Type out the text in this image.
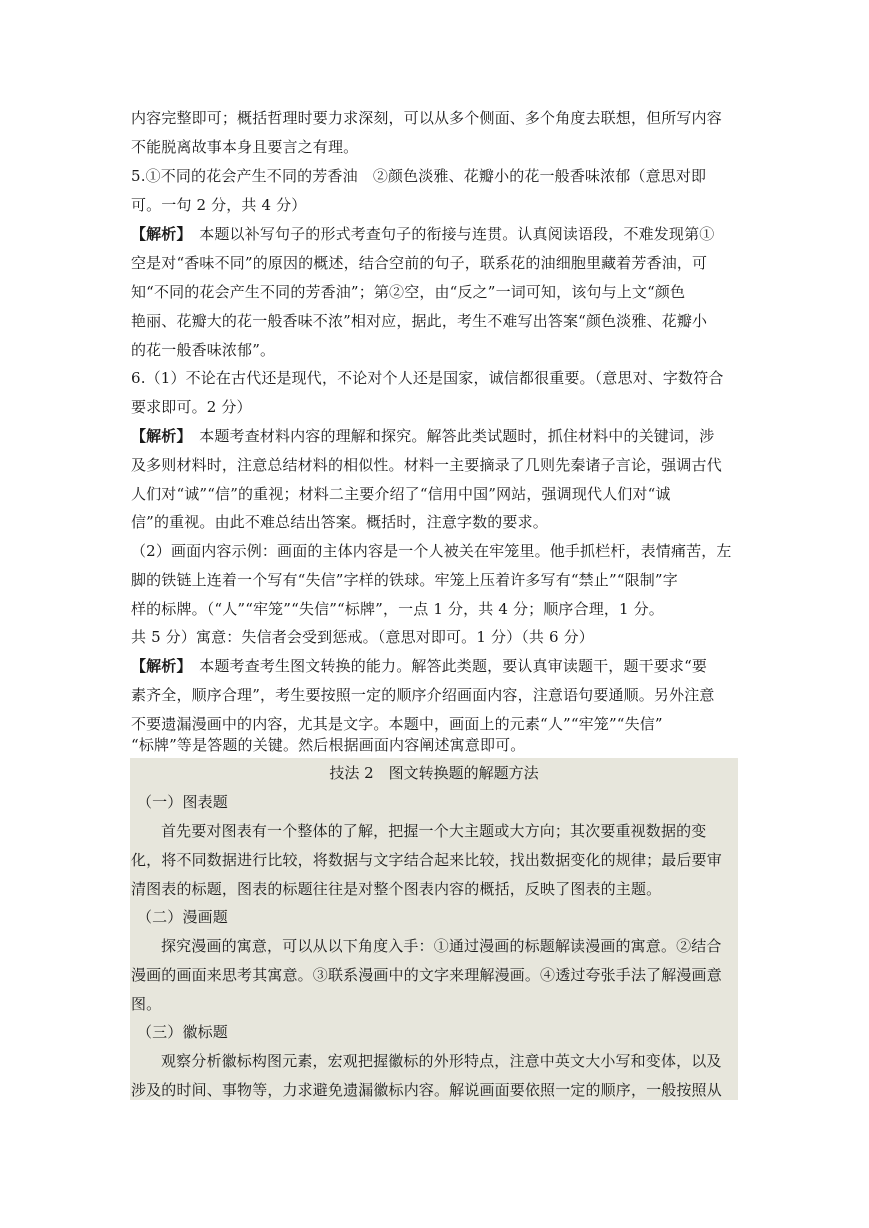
内容完整即可；概括哲理时要力求深刻，可以从多个侧面、多个角度去联想，但所写内容
不能脱离故事本身且要言之有理。
5.①不同的花会产生不同的芳香油　②颜色淡雅、花瓣小的花一般香味浓郁（意思对即
可。一句 2 分，共 4 分）
【解析】　本题以补写句子的形式考查句子的衔接与连贯。认真阅读语段，不难发现第①
空是对“香味不同”的原因的概述，结合空前的句子，联系花的油细胞里藏着芳香油，可
知“不同的花会产生不同的芳香油”；第②空，由“反之”一词可知，该句与上文“颜色
艳丽、花瓣大的花一般香味不浓”相对应，据此，考生不难写出答案“颜色淡雅、花瓣小
的花一般香味浓郁”。
6.（1）不论在古代还是现代，不论对个人还是国家，诚信都很重要。（意思对、字数符合
要求即可。2 分）
【解析】　本题考查材料内容的理解和探究。解答此类试题时，抓住材料中的关键词，涉
及多则材料时，注意总结材料的相似性。材料一主要摘录了几则先秦诸子言论，强调古代
人们对“诚”“信”的重视；材料二主要介绍了“信用中国”网站，强调现代人们对“诚
信”的重视。由此不难总结出答案。概括时，注意字数的要求。
（2）画面内容示例：画面的主体内容是一个人被关在牢笼里。他手抓栏杆，表情痛苦，左
脚的铁链上连着一个写有“失信”字样的铁球。牢笼上压着许多写有“禁止”“限制”字
样的标牌。（“人”“牢笼”“失信”“标牌”，一点 1 分，共 4 分；顺序合理，1 分。
共 5 分）寓意：失信者会受到惩戒。（意思对即可。1 分）（共 6 分）
【解析】　本题考查考生图文转换的能力。解答此类题，要认真审读题干，题干要求“要
素齐全，顺序合理”，考生要按照一定的顺序介绍画面内容，注意语句要通顺。另外注意
不要遗漏漫画中的内容，尤其是文字。本题中，画面上的元素“人”“牢笼”“失信”
“标牌”等是答题的关键。然后根据画面内容阐述寓意即可。
技法 2　图文转换题的解题方法
（一）图表题
首先要对图表有一个整体的了解，把握一个大主题或大方向；其次要重视数据的变
化，将不同数据进行比较，将数据与文字结合起来比较，找出数据变化的规律；最后要审
清图表的标题，图表的标题往往是对整个图表内容的概括，反映了图表的主题。
（二）漫画题
探究漫画的寓意，可以从以下角度入手：①通过漫画的标题解读漫画的寓意。②结合
漫画的画面来思考其寓意。③联系漫画中的文字来理解漫画。④透过夸张手法了解漫画意
图。
（三）徽标题
观察分析徽标构图元素，宏观把握徽标的外形特点，注意中英文大小写和变体，以及
涉及的时间、事物等，力求避免遗漏徽标内容。解说画面要依照一定的顺序，一般按照从
